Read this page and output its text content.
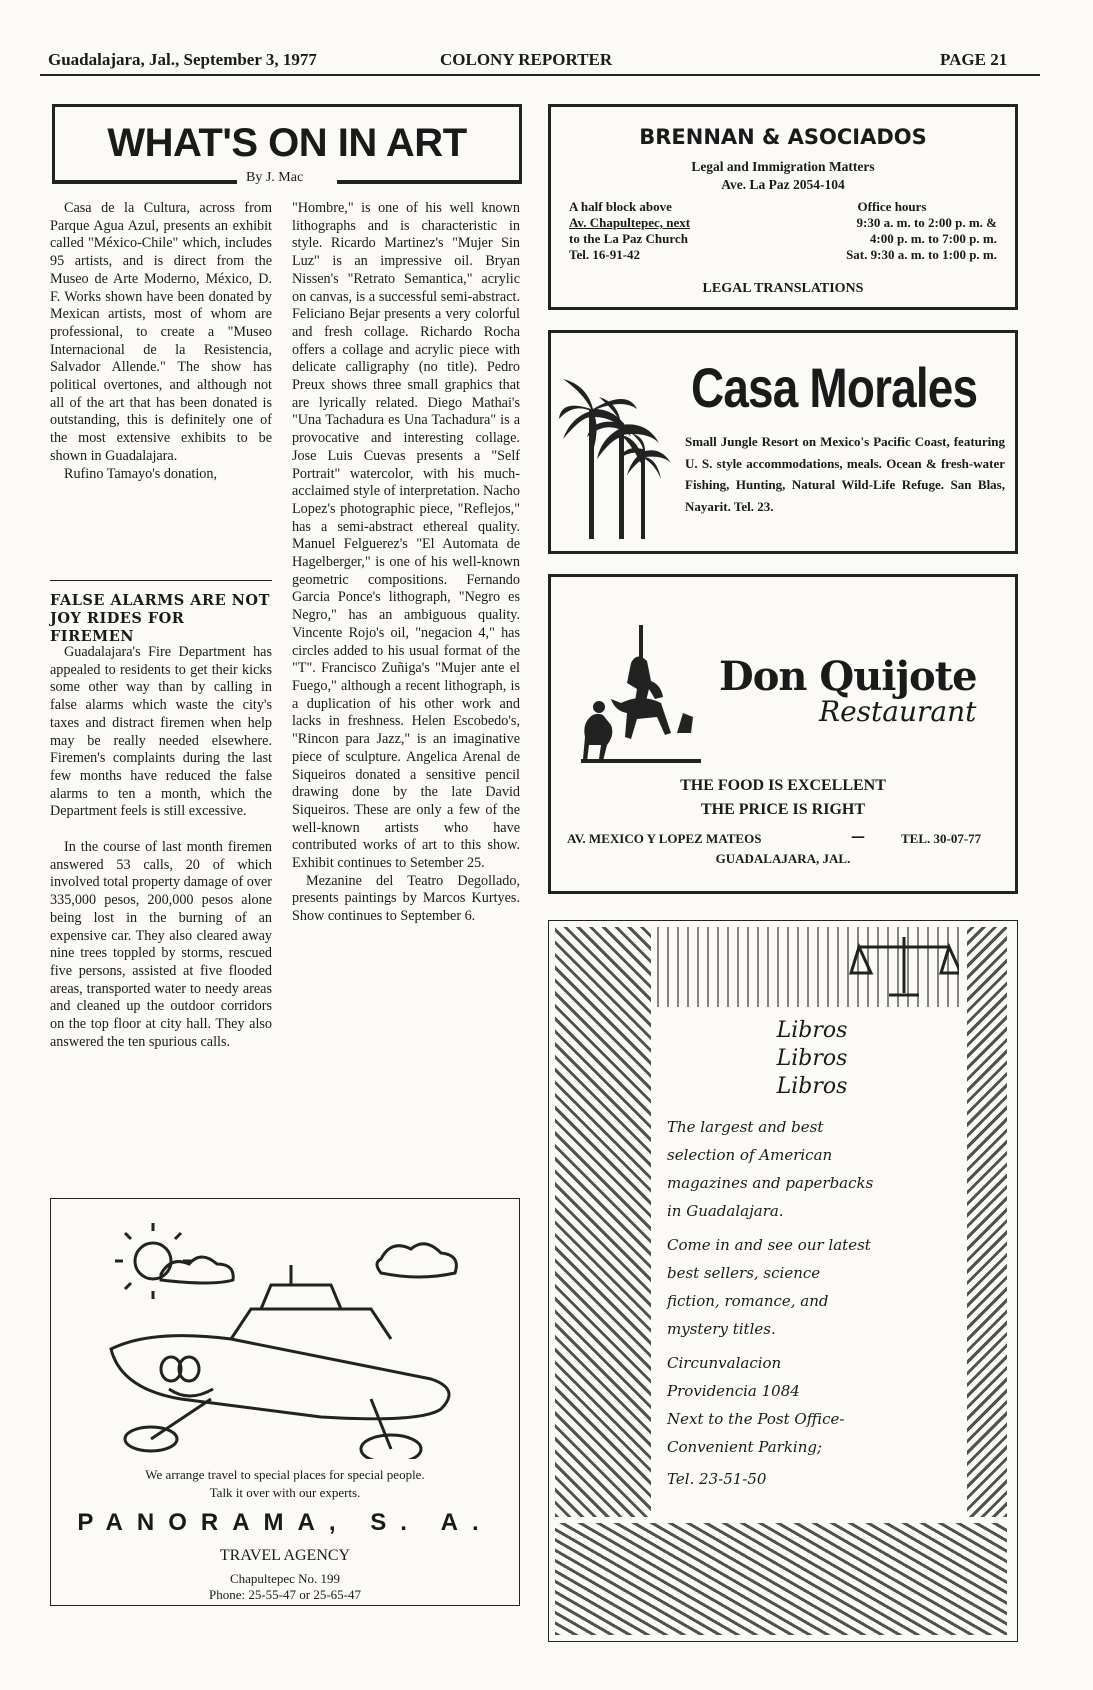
Guadalajara, Jal., September 3, 1977	COLONY REPORTER	PAGE 21
WHAT'S ON IN ART
By J. Mac

Casa de la Cultura, across from Parque Agua Azul, presents an exhibit called "México-Chile" which, includes 95 artists, and is direct from the Museo de Arte Moderno, México, D. F. Works shown have been donated by Mexican artists, most of whom are professional, to create a "Museo Internacional de la Resistencia, Salvador Allende." The show has political overtones, and although not all of the art that has been donated is outstanding, this is definitely one of the most extensive exhibits to be shown in Guadalajara.

Rufino Tamayo's donation,

FALSE ALARMS ARE NOT JOY RIDES FOR FIREMEN

Guadalajara's Fire Department has appealed to residents to get their kicks some other way than by calling in false alarms which waste the city's taxes and distract firemen when help may be really needed elsewhere. Firemen's complaints during the last few months have reduced the false alarms to ten a month, which the Department feels is still excessive.

In the course of last month firemen answered 53 calls, 20 of which involved total property damage of over 335,000 pesos, 200,000 pesos alone being lost in the burning of an expensive car. They also cleared away nine trees toppled by storms, rescued five persons, assisted at five flooded areas, transported water to needy areas and cleaned up the outdoor corridors on the top floor at city hall. They also answered the ten spurious calls.

"Hombre," is one of his well known lithographs and is characteristic in style. Ricardo Martinez's "Mujer Sin Luz" is an impressive oil. Bryan Nissen's "Retrato Semantica," acrylic on canvas, is a successful semi-abstract. Feliciano Bejar presents a very colorful and fresh collage. Richardo Rocha offers a collage and acrylic piece with delicate calligraphy (no title). Pedro Preux shows three small graphics that are lyrically related. Diego Mathai's "Una Tachadura es Una Tachadura" is a provocative and interesting collage. Jose Luis Cuevas presents a "Self Portrait" watercolor, with his much-acclaimed style of interpretation. Nacho Lopez's photographic piece, "Reflejos," has a semi-abstract ethereal quality. Manuel Felguerez's "El Automata de Hagelberger," is one of his well-known geometric compositions. Fernando Garcia Ponce's lithograph, "Negro es Negro," has an ambiguous quality. Vincente Rojo's oil, "negacion 4," has circles added to his usual format of the "T". Francisco Zuñiga's "Mujer ante el Fuego," although a recent lithograph, is a duplication of his other work and lacks in freshness. Helen Escobedo's, "Rincon para Jazz," is an imaginative piece of sculpture. Angelica Arenal de Siqueiros donated a sensitive pencil drawing done by the late David Siqueiros. These are only a few of the well-known artists who have contributed works of art to this show. Exhibit continues to Setember 25.

Mezanine del Teatro Degollado, presents paintings by Marcos Kurtyes. Show continues to September 6.

We arrange travel to special places for special people.
Talk it over with our experts.
PANORAMA, S. A.
TRAVEL AGENCY
Chapultepec No. 199
Phone: 25-55-47 or 25-65-47
BRENNAN & ASOCIADOS
Legal and Immigration Matters
Ave. La Paz 2054-104
A half block above
Av. Chapultepec, next
to the La Paz Church
Tel. 16-91-42
Office hours
9:30 a. m. to 2:00 p. m. &
4:00 p. m. to 7:00 p. m.
Sat. 9:30 a. m. to 1:00 p. m.
LEGAL TRANSLATIONS
Casa Morales
Small Jungle Resort on Mexico's Pacific Coast, featuring U. S. style accommodations, meals. Ocean & fresh-water Fishing, Hunting, Natural Wild-Life Refuge. San Blas, Nayarit. Tel. 23.
Don Quijote
Restaurant
THE FOOD IS EXCELLENT
THE PRICE IS RIGHT
AV. MEXICO Y LOPEZ MATEOS	—	TEL. 30-07-77
GUADALAJARA, JAL.
Libros
Libros
Libros
The largest and best
selection of American
magazines and paperbacks
in Guadalajara.
Come in and see our latest
best sellers, science
fiction, romance, and
mystery titles.
Circunvalacion
Providencia 1084
Next to the Post Office-
Convenient Parking;
Tel. 23-51-50
